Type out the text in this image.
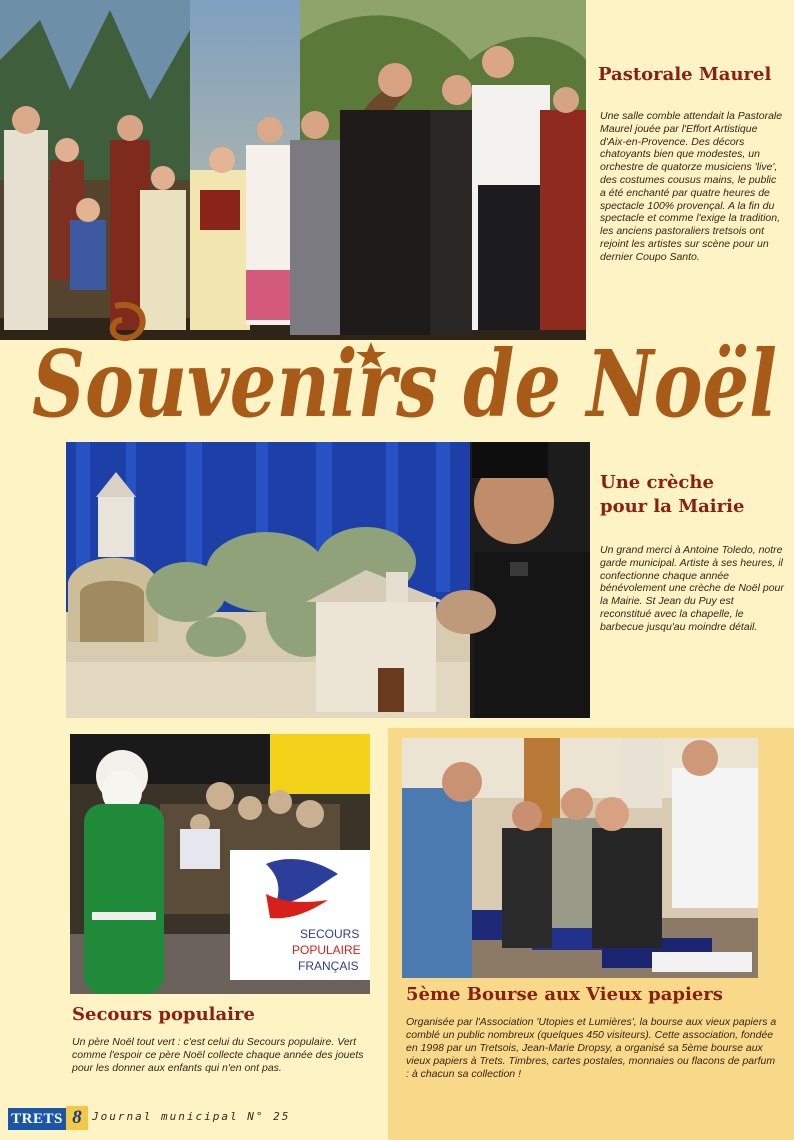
Pastorale Maurel

Une salle comble attendait la Pastorale Maurel jouée par l'Effort Artistique d'Aix-en-Provence. Des décors chatoyants bien que modestes, un orchestre de quatorze musiciens 'live', des costumes cousus mains, le public a été enchanté par quatre heures de spectacle 100% provençal. A la fin du spectacle et comme l'exige la tradition, les anciens pastoraliers tretsois ont rejoint les artistes sur scène pour un dernier Coupo Santo.

Souvenirs de Noël
Une crèche
pour la Mairie

Un grand merci à Antoine Toledo, notre garde municipal. Artiste à ses heures, il confectionne chaque année bénévolement une crèche de Noël pour la Mairie. St Jean du Puy est reconstitué avec la chapelle, le barbecue jusqu'au moindre détail.

SECOURS
POPULAIRE
FRANÇAIS
Secours populaire

Un père Noël tout vert : c'est celui du Secours populaire. Vert comme l'espoir ce père Noël collecte chaque année des jouets pour les donner aux enfants qui n'en ont pas.

5ème Bourse aux Vieux papiers

Organisée par l'Association 'Utopies et Lumières', la bourse aux vieux papiers a comblé un public nombreux (quelques 450 visiteurs). Cette association, fondée en 1998 par un Tretsois, Jean-Marie Dropsy, a organisé sa 5ème bourse aux vieux papiers à Trets. Timbres, cartes postales, monnaies ou flacons de parfum : à chacun sa collection !

TRETS 8 Journal municipal N° 25
